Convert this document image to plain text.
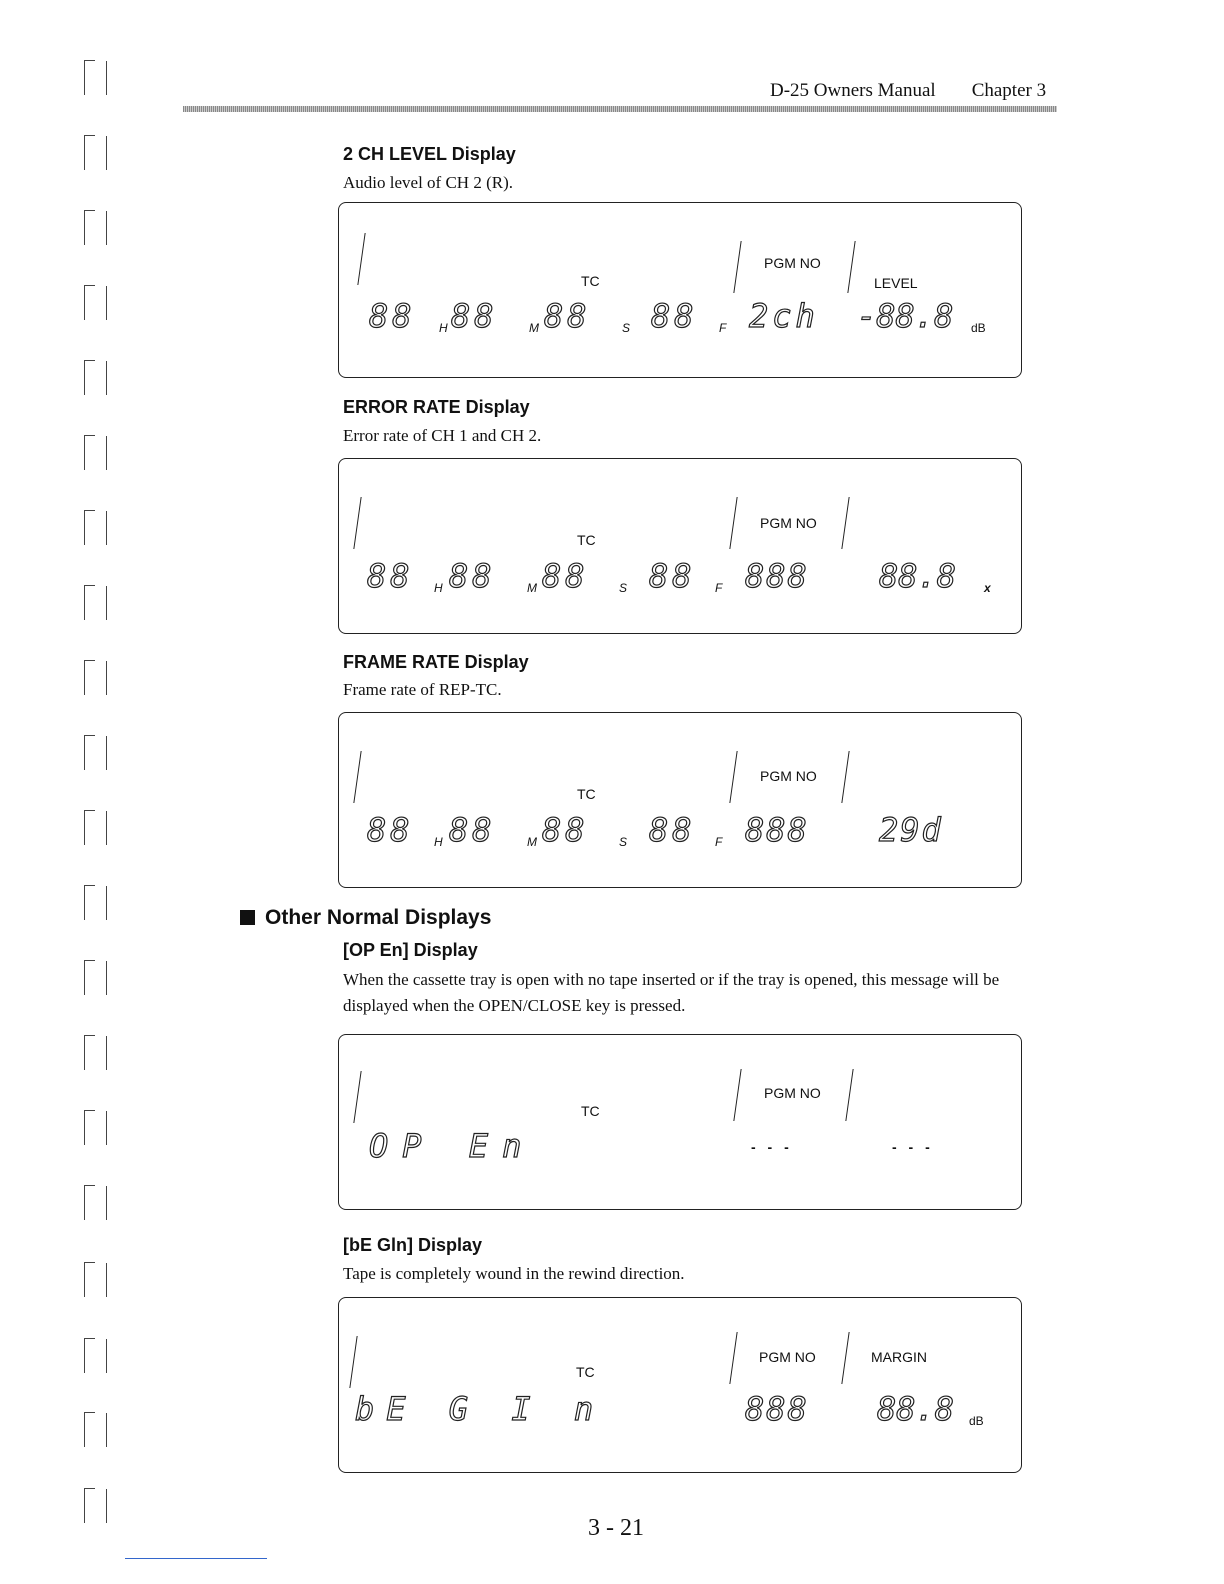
D-25 Owners Manual Chapter 3
2 CH LEVEL Display
Audio level of CH 2 (R).
TC
PGM NO
LEVEL
88 H 88	M 88	S 88 F 2ch -88.8 dB
ERROR RATE Display
Error rate of CH 1 and CH 2.
TC
PGM NO
88 H 88	M 88	S 88 F 888 88.8 x
FRAME RATE Display
Frame rate of REP-TC.
TC
PGM NO
88 H 88	M 88	S 88 F 888 29d
Other Normal Displays
[OP En] Display
When the cassette tray is open with no tape inserted or if the tray is opened, this message will be displayed when the OPEN/CLOSE key is pressed.
TC
PGM NO
OP En	- - -	- - -
[bE Gln] Display
Tape is completely wound in the rewind direction.
TC
PGM NO	MARGIN
bE G I n	888 88.8 dB
3 - 21
